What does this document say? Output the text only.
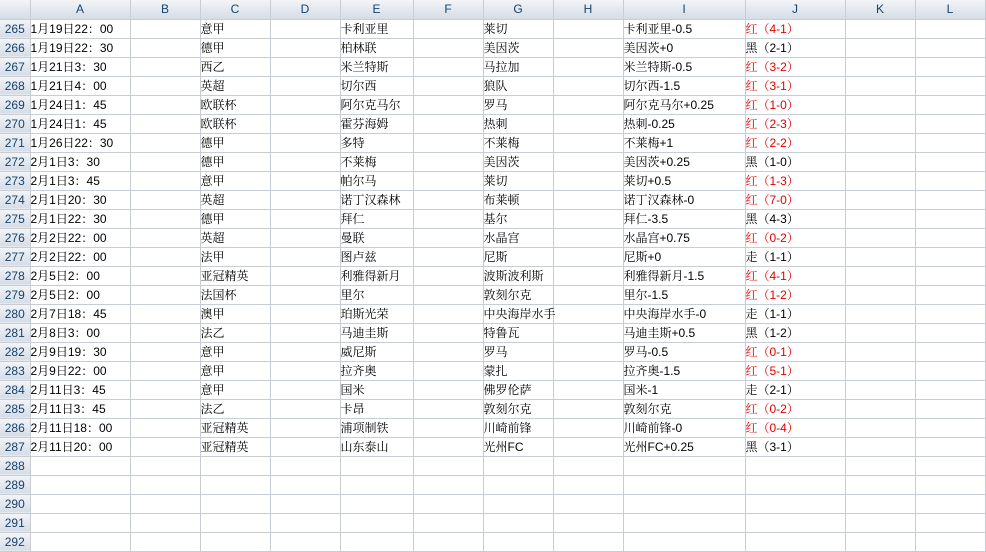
	A	B	C	D	E	F	G	H	I	J	K	L
265	1月19日22：00		意甲		卡利亚里		莱切		卡利亚里-0.5	红（4-1）		
266	1月19日22：30		德甲		柏林联		美因茨		美因茨+0	黑（2-1）		
267	1月21日3：30		西乙		米兰特斯		马拉加		米兰特斯-0.5	红（3-2）		
268	1月21日4：00		英超		切尔西		狼队		切尔西-1.5	红（3-1）		
269	1月24日1：45		欧联杯		阿尔克马尔		罗马		阿尔克马尔+0.25	红（1-0）		
270	1月24日1：45		欧联杯		霍芬海姆		热刺		热刺-0.25	红（2-3）		
271	1月26日22：30		德甲		多特		不莱梅		不莱梅+1	红（2-2）		
272	2月1日3：30		德甲		不莱梅		美因茨		美因茨+0.25	黑（1-0）		
273	2月1日3：45		意甲		帕尔马		莱切		莱切+0.5	红（1-3）		
274	2月1日20：30		英超		诺丁汉森林		布莱顿		诺丁汉森林-0	红（7-0）		
275	2月1日22：30		德甲		拜仁		基尔		拜仁-3.5	黑（4-3）		
276	2月2日22：00		英超		曼联		水晶宫		水晶宫+0.75	红（0-2）		
277	2月2日22：00		法甲		图卢兹		尼斯		尼斯+0	走（1-1）		
278	2月5日2：00		亚冠精英		利雅得新月		波斯波利斯		利雅得新月-1.5	红（4-1）		
279	2月5日2：00		法国杯		里尔		敦刻尔克		里尔-1.5	红（1-2）		
280	2月7日18：45		澳甲		珀斯光荣		中央海岸水手		中央海岸水手-0	走（1-1）		
281	2月8日3：00		法乙		马迪圭斯		特鲁瓦		马迪圭斯+0.5	黑（1-2）		
282	2月9日19：30		意甲		威尼斯		罗马		罗马-0.5	红（0-1）		
283	2月9日22：00		意甲		拉齐奥		蒙扎		拉齐奥-1.5	红（5-1）		
284	2月11日3：45		意甲		国米		佛罗伦萨		国米-1	走（2-1）		
285	2月11日3：45		法乙		卡昂		敦刻尔克		敦刻尔克	红（0-2）		
286	2月11日18：00		亚冠精英		浦项制铁		川崎前锋		川崎前锋-0	红（0-4）		
287	2月11日20：00		亚冠精英		山东泰山		光州FC		光州FC+0.25	黑（3-1）		
288												
289												
290												
291												
292												
